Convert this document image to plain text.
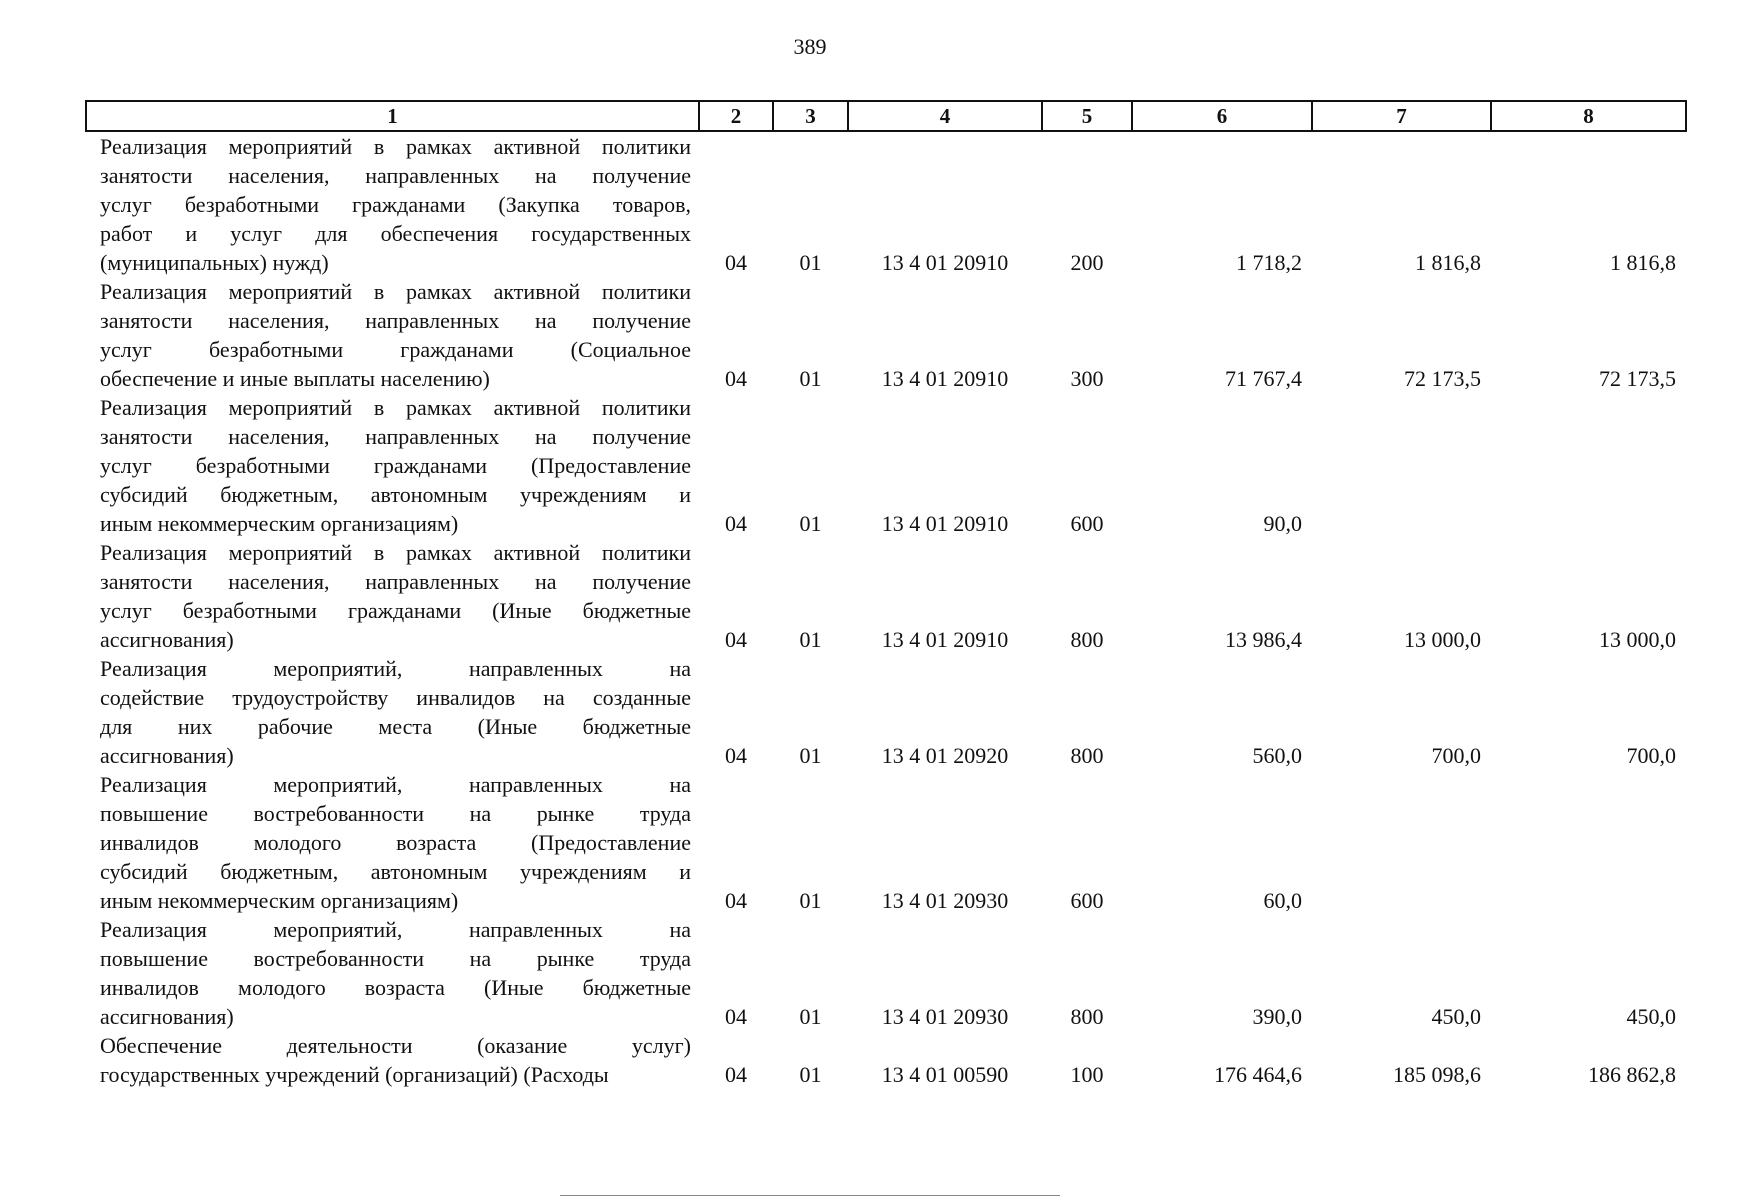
389
1	2	3	4	5	6	7	8

Реализация мероприятий в рамках активной политики
занятости населения, направленных на получение
услуг безработными гражданами (Закупка товаров,
работ и услуг для обеспечения государственных
(муниципальных) нужд)	04	01	13 4 01 20910	200	1 718,2	1 816,8	1 816,8

Реализация мероприятий в рамках активной политики
занятости населения, направленных на получение
услуг безработными гражданами (Социальное
обеспечение и иные выплаты населению)	04	01	13 4 01 20910	300	71 767,4	72 173,5	72 173,5

Реализация мероприятий в рамках активной политики
занятости населения, направленных на получение
услуг безработными гражданами (Предоставление
субсидий бюджетным, автономным учреждениям и
иным некоммерческим организациям)	04	01	13 4 01 20910	600	90,0		

Реализация мероприятий в рамках активной политики
занятости населения, направленных на получение
услуг безработными гражданами (Иные бюджетные
ассигнования)	04	01	13 4 01 20910	800	13 986,4	13 000,0	13 000,0

Реализация мероприятий, направленных на
содействие трудоустройству инвалидов на созданные
для них рабочие места (Иные бюджетные
ассигнования)	04	01	13 4 01 20920	800	560,0	700,0	700,0

Реализация мероприятий, направленных на
повышение востребованности на рынке труда
инвалидов молодого возраста (Предоставление
субсидий бюджетным, автономным учреждениям и
иным некоммерческим организациям)	04	01	13 4 01 20930	600	60,0		

Реализация мероприятий, направленных на
повышение востребованности на рынке труда
инвалидов молодого возраста (Иные бюджетные
ассигнования)	04	01	13 4 01 20930	800	390,0	450,0	450,0

Обеспечение деятельности (оказание услуг)
государственных учреждений (организаций) (Расходы	04	01	13 4 01 00590	100	176 464,6	185 098,6	186 862,8
